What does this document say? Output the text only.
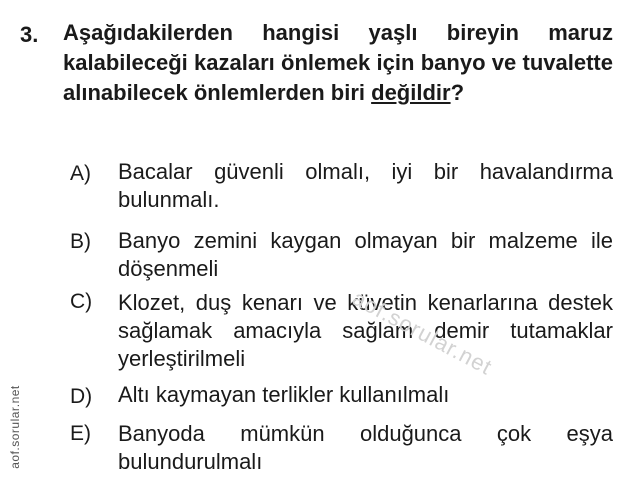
3. Aşağıdakilerden hangisi yaşlı bireyin maruz kalabileceği kazaları önlemek için banyo ve tuvalette alınabilecek önlemlerden biri değildir?
A) Bacalar güvenli olmalı, iyi bir havalandırma bulunmalı.
B) Banyo zemini kaygan olmayan bir malzeme ile döşenmeli
C) Klozet, duş kenarı ve küvetin kenarlarına destek sağlamak amacıyla sağlam demir tutamaklar yerleştirilmeli
D) Altı kaymayan terlikler kullanılmalı
E) Banyoda mümkün olduğunca çok eşya bulundurulmalı
aof.sorular.net
aof.sorular.net
